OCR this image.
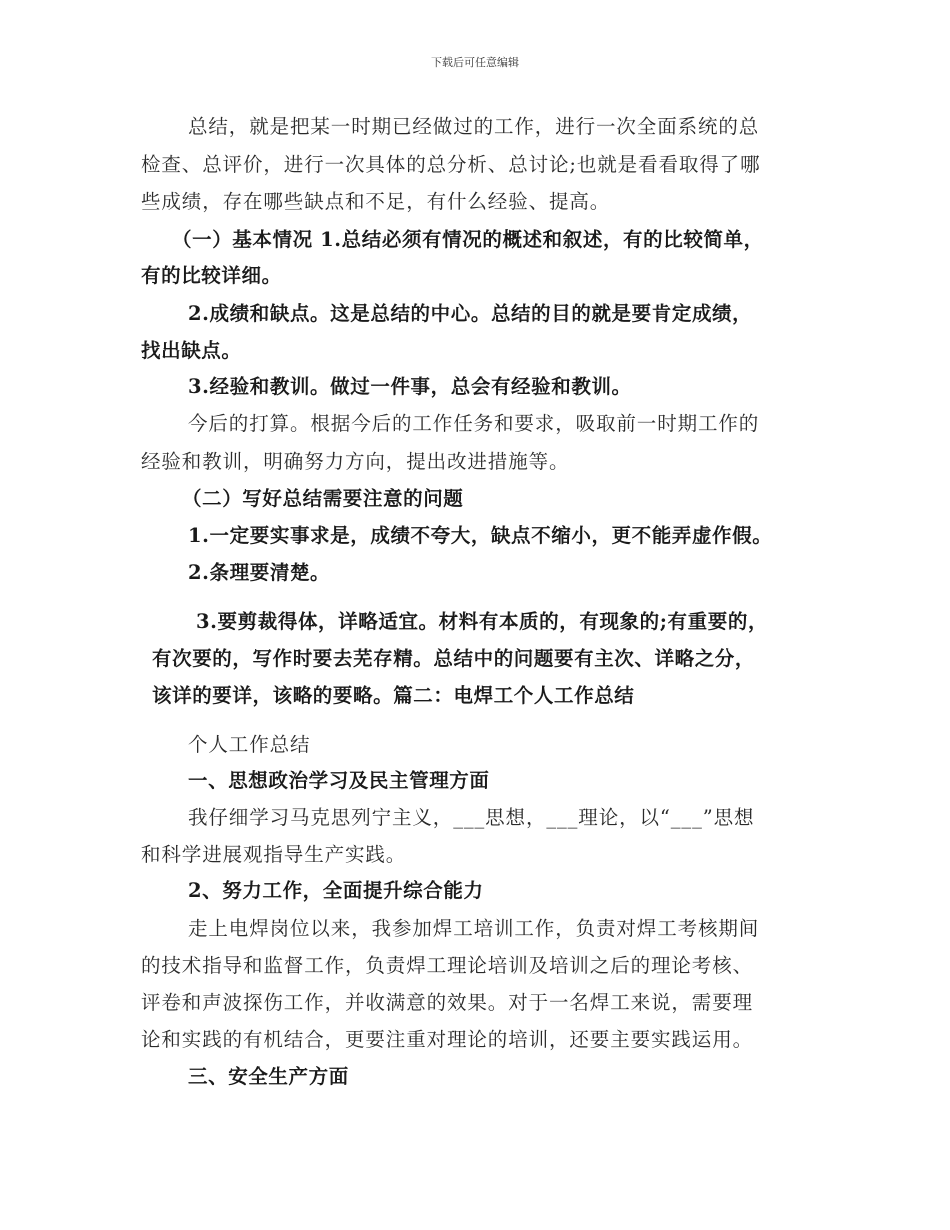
下载后可任意编辑
总结，就是把某一时期已经做过的工作，进行一次全面系统的总
检查、总评价，进行一次具体的总分析、总讨论;也就是看看取得了哪
些成绩，存在哪些缺点和不足，有什么经验、提高。
（一）基本情况 1.总结必须有情况的概述和叙述，有的比较简单，
有的比较详细。
2.成绩和缺点。这是总结的中心。总结的目的就是要肯定成绩，
找出缺点。
3.经验和教训。做过一件事，总会有经验和教训。
今后的打算。根据今后的工作任务和要求，吸取前一时期工作的
经验和教训，明确努力方向，提出改进措施等。
（二）写好总结需要注意的问题
1.一定要实事求是，成绩不夸大，缺点不缩小，更不能弄虚作假。
2.条理要清楚。
3.要剪裁得体，详略适宜。材料有本质的，有现象的;有重要的，
有次要的，写作时要去芜存精。总结中的问题要有主次、详略之分，
该详的要详，该略的要略。篇二：电焊工个人工作总结
个人工作总结
一、思想政治学习及民主管理方面
我仔细学习马克思列宁主义，___思想，___理论，以“___”思想
和科学进展观指导生产实践。
2、努力工作，全面提升综合能力
走上电焊岗位以来，我参加焊工培训工作，负责对焊工考核期间
的技术指导和监督工作，负责焊工理论培训及培训之后的理论考核、
评卷和声波探伤工作，并收满意的效果。对于一名焊工来说，需要理
论和实践的有机结合，更要注重对理论的培训，还要主要实践运用。
三、安全生产方面
